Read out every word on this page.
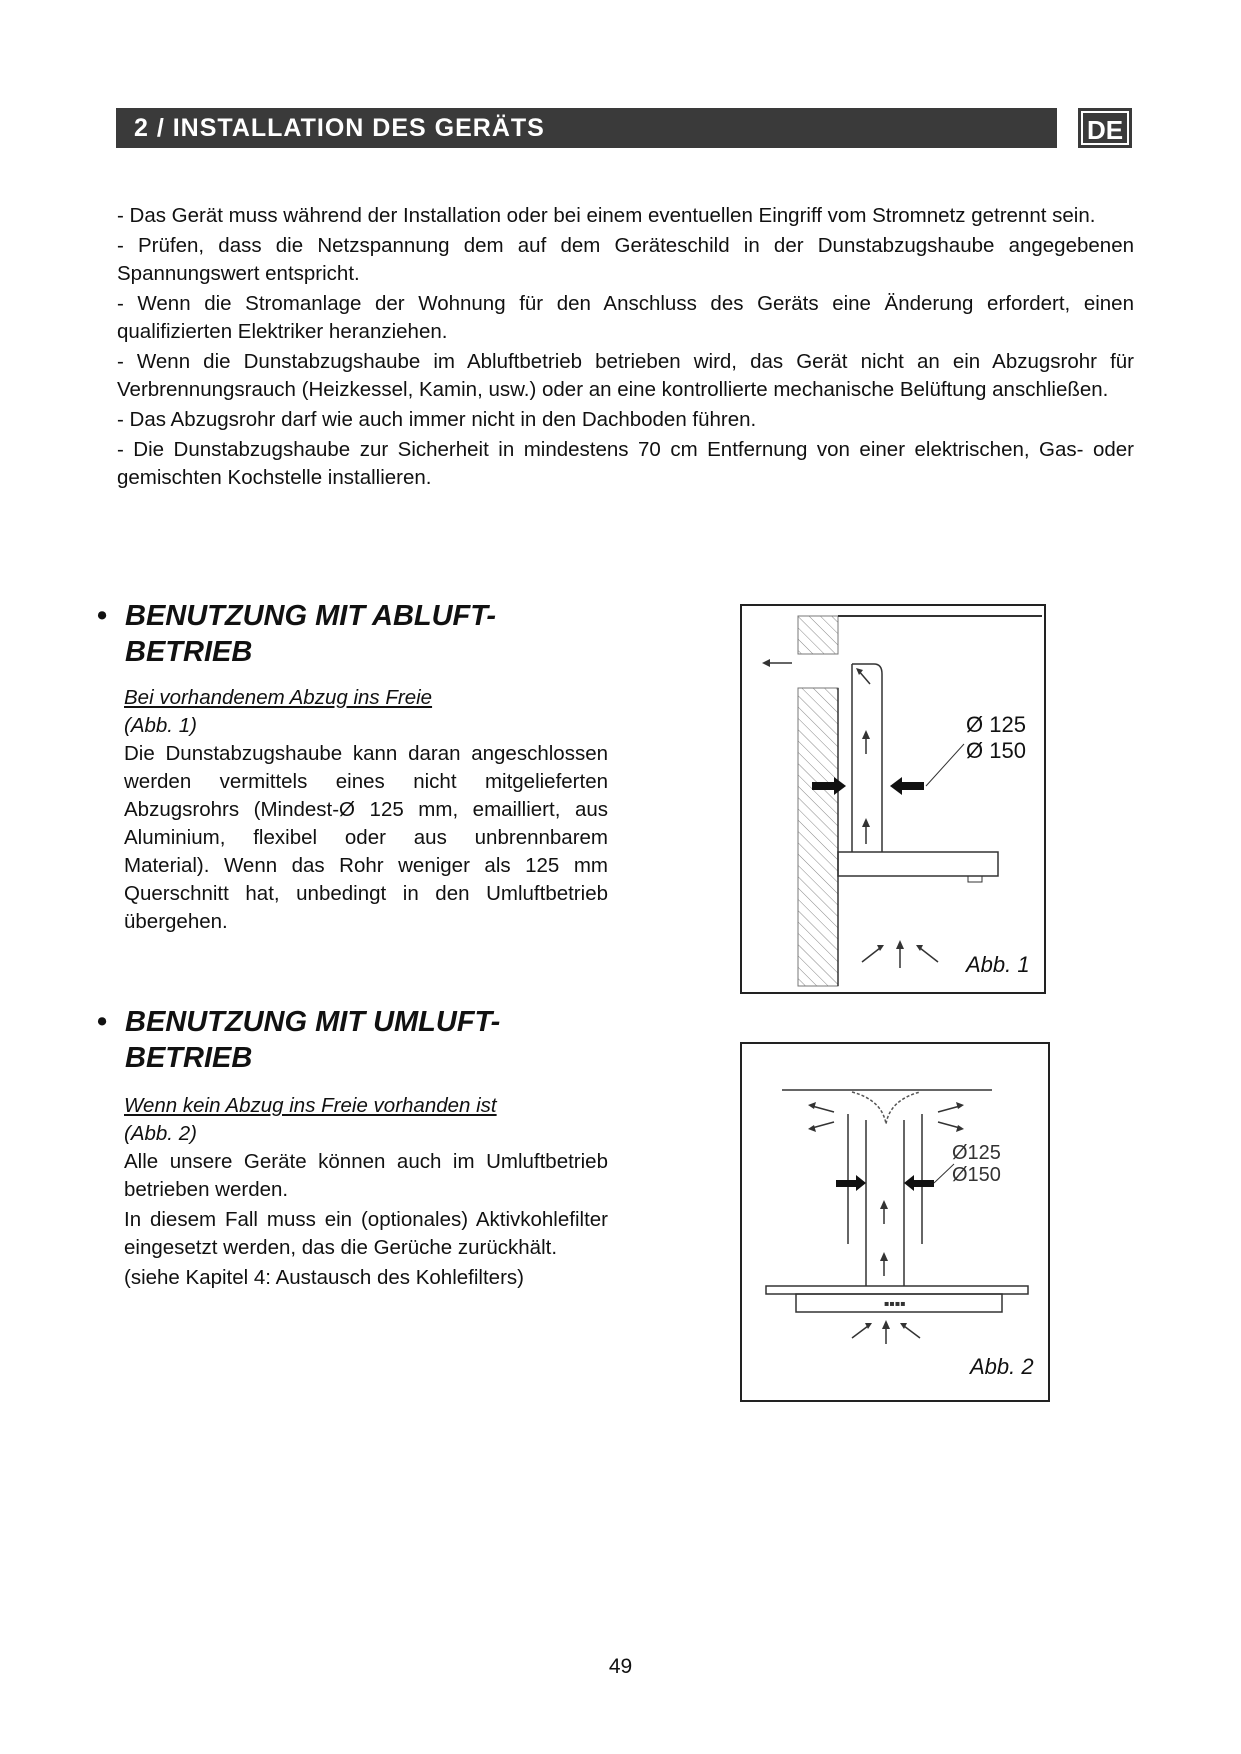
2 / INSTALLATION DES GERÄTS	DE

- Das Gerät muss während der Installation oder bei einem eventuellen Eingriff vom Stromnetz getrennt sein.

- Prüfen, dass die Netzspannung dem auf dem Geräteschild in der Dunstabzugshaube angegebenen Spannungswert entspricht.

- Wenn die Stromanlage der Wohnung für den Anschluss des Geräts eine Änderung erfordert, einen qualifizierten Elektriker heranziehen.

- Wenn die Dunstabzugshaube im Abluftbetrieb betrieben wird, das Gerät nicht an ein Abzugsrohr für Verbrennungsrauch (Heizkessel, Kamin, usw.) oder an eine kontrollierte mechanische Belüftung anschließen.

- Das Abzugsrohr darf wie auch immer nicht in den Dachboden führen.

- Die Dunstabzugshaube zur Sicherheit in mindestens 70 cm Entfernung von einer elektrischen, Gas- oder gemischten Kochstelle installieren.

• BENUTZUNG MIT ABLUFT-
BETRIEB

Bei vorhandenem Abzug ins Freie

(Abb. 1)

Die Dunstabzugshaube kann daran angeschlossen werden vermittels eines nicht mitgelieferten Abzugsrohrs (Mindest-Ø 125 mm, emailliert, aus Aluminium, flexibel oder aus unbrennbarem Material). Wenn das Rohr weniger als 125 mm Querschnitt hat, unbedingt in den Umluftbetrieb übergehen.

Ø 125
Ø 150
Abb. 1
• BENUTZUNG MIT UMLUFT-
BETRIEB

Wenn kein Abzug ins Freie vorhanden ist

(Abb. 2)

Alle unsere Geräte können auch im Umluftbetrieb betrieben werden.

In diesem Fall muss ein (optionales) Aktivkohlefilter eingesetzt werden, das die Gerüche zurückhält.

(siehe Kapitel 4: Austausch des Kohlefilters)

▪▪▪▪
Ø125
Ø150
Abb. 2
49
